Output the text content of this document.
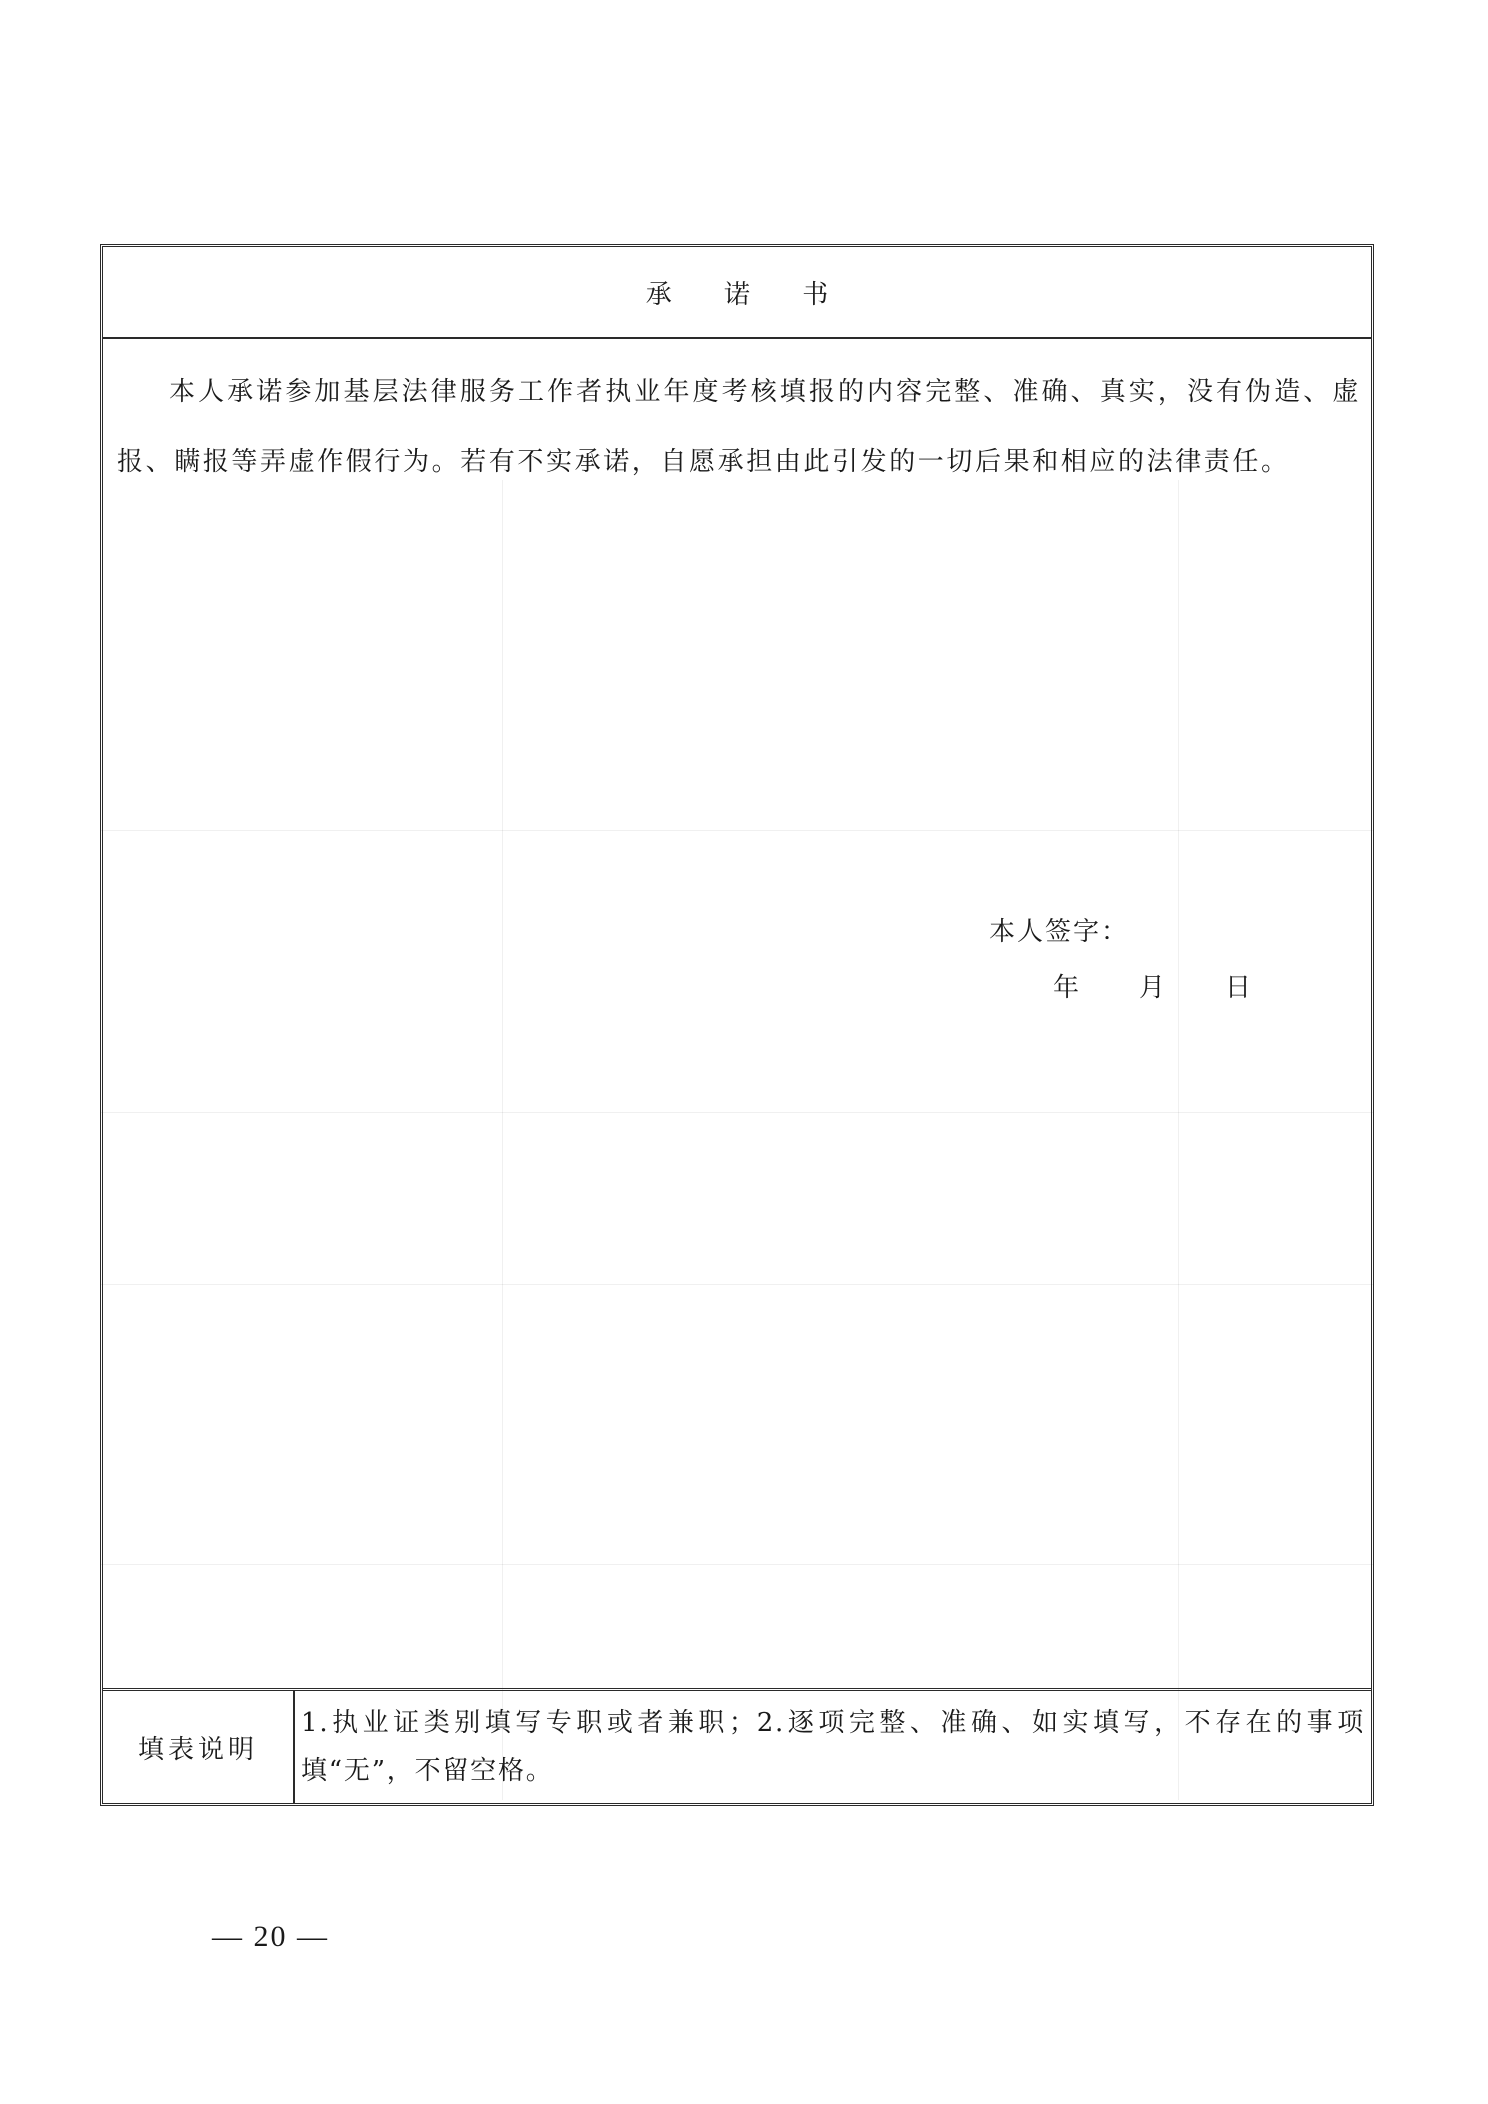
承 诺 书
本人承诺参加基层法律服务工作者执业年度考核填报的内容完整、准确、真实，没有伪造、虚报、瞒报等弄虚作假行为。若有不实承诺，自愿承担由此引发的一切后果和相应的法律责任。
本人签字：
年 月 日
填表说明
1.执业证类别填写专职或者兼职；2.逐项完整、准确、如实填写，不存在的事项填“无”，不留空格。
— 20 —
